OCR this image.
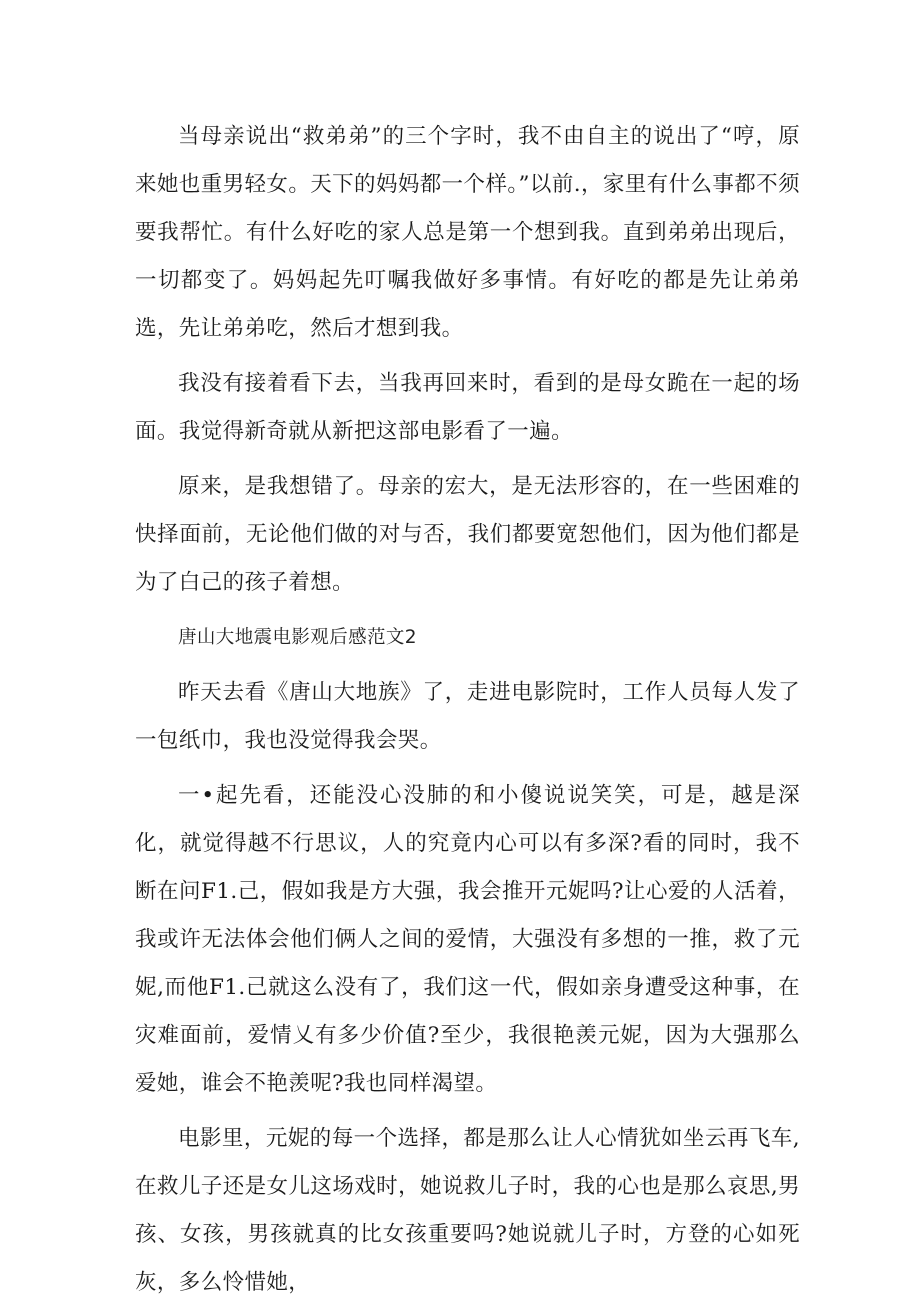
当母亲说出“救弟弟”的三个字时，我不由自主的说出了“哼，原来她也重男轻女。天下的妈妈都一个样。”以前.，家里有什么事都不须要我帮忙。有什么好吃的家人总是第一个想到我。直到弟弟出现后，一切都变了。妈妈起先叮嘱我做好多事情。有好吃的都是先让弟弟选，先让弟弟吃，然后才想到我。

我没有接着看下去，当我再回来时，看到的是母女跪在一起的场面。我觉得新奇就从新把这部电影看了一遍。

原来，是我想错了。母亲的宏大，是无法形容的，在一些困难的快择面前，无论他们做的对与否，我们都要宽恕他们，因为他们都是为了白己的孩子着想。

唐山大地震电影观后感范文2

昨天去看《唐山大地族》了，走进电影院时，工作人员每人发了一包纸巾，我也没觉得我会哭。

一•起先看，还能没心没肺的和小傻说说笑笑，可是，越是深化，就觉得越不行思议，人的究竟内心可以有多深?看的同时，我不断在问F1.己，假如我是方大强，我会推开元妮吗?让心爱的人活着，我或许无法体会他们俩人之间的爱情，大强没有多想的一推，救了元妮,而他F1.己就这么没有了，我们这一代，假如亲身遭受这种事，在灾难面前，爱情乂有多少价值?至少，我很艳羡元妮，因为大强那么爱她，谁会不艳羡呢?我也同样渴望。

电影里，元妮的每一个选择，都是那么让人心情犹如坐云再飞车,在救儿子还是女儿这场戏时，她说救儿子时，我的心也是那么哀思,男孩、女孩，男孩就真的比女孩重要吗?她说就儿子时，方登的心如死灰，多么怜惜她，
